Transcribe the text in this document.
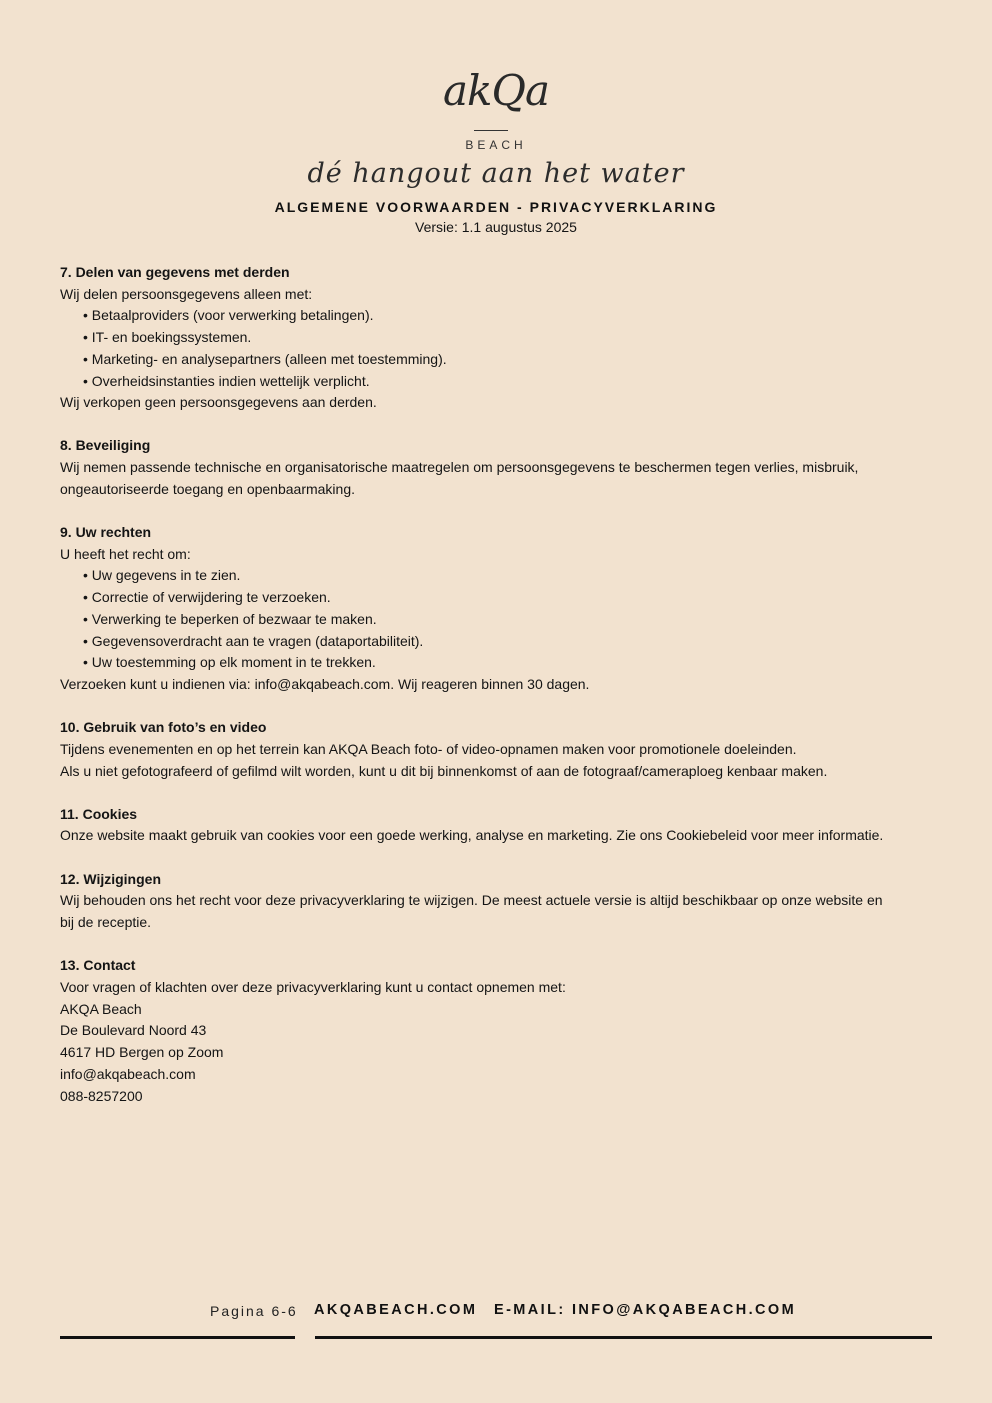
akQa
BEACH
dé hangout aan het water
ALGEMENE VOORWAARDEN - PRIVACYVERKLARING
Versie: 1.1 augustus 2025
7. Delen van gegevens met derden
Wij delen persoonsgegevens alleen met:
• Betaalproviders (voor verwerking betalingen).
• IT- en boekingssystemen.
• Marketing- en analysepartners (alleen met toestemming).
• Overheidsinstanties indien wettelijk verplicht.
Wij verkopen geen persoonsgegevens aan derden.
8. Beveiliging
Wij nemen passende technische en organisatorische maatregelen om persoonsgegevens te beschermen tegen verlies, misbruik,
ongeautoriseerde toegang en openbaarmaking.
9. Uw rechten
U heeft het recht om:
• Uw gegevens in te zien.
• Correctie of verwijdering te verzoeken.
• Verwerking te beperken of bezwaar te maken.
• Gegevensoverdracht aan te vragen (dataportabiliteit).
• Uw toestemming op elk moment in te trekken.
Verzoeken kunt u indienen via: info@akqabeach.com. Wij reageren binnen 30 dagen.
10. Gebruik van foto’s en video
Tijdens evenementen en op het terrein kan AKQA Beach foto- of video-opnamen maken voor promotionele doeleinden.
Als u niet gefotografeerd of gefilmd wilt worden, kunt u dit bij binnenkomst of aan de fotograaf/cameraploeg kenbaar maken.
11. Cookies
Onze website maakt gebruik van cookies voor een goede werking, analyse en marketing. Zie ons Cookiebeleid voor meer informatie.
12. Wijzigingen
Wij behouden ons het recht voor deze privacyverklaring te wijzigen. De meest actuele versie is altijd beschikbaar op onze website en
bij de receptie.
13. Contact
Voor vragen of klachten over deze privacyverklaring kunt u contact opnemen met:
AKQA Beach
De Boulevard Noord 43
4617 HD Bergen op Zoom
info@akqabeach.com
088-8257200
Pagina 6-6 AKQABEACH.COM E-MAIL: INFO@AKQABEACH.COM
